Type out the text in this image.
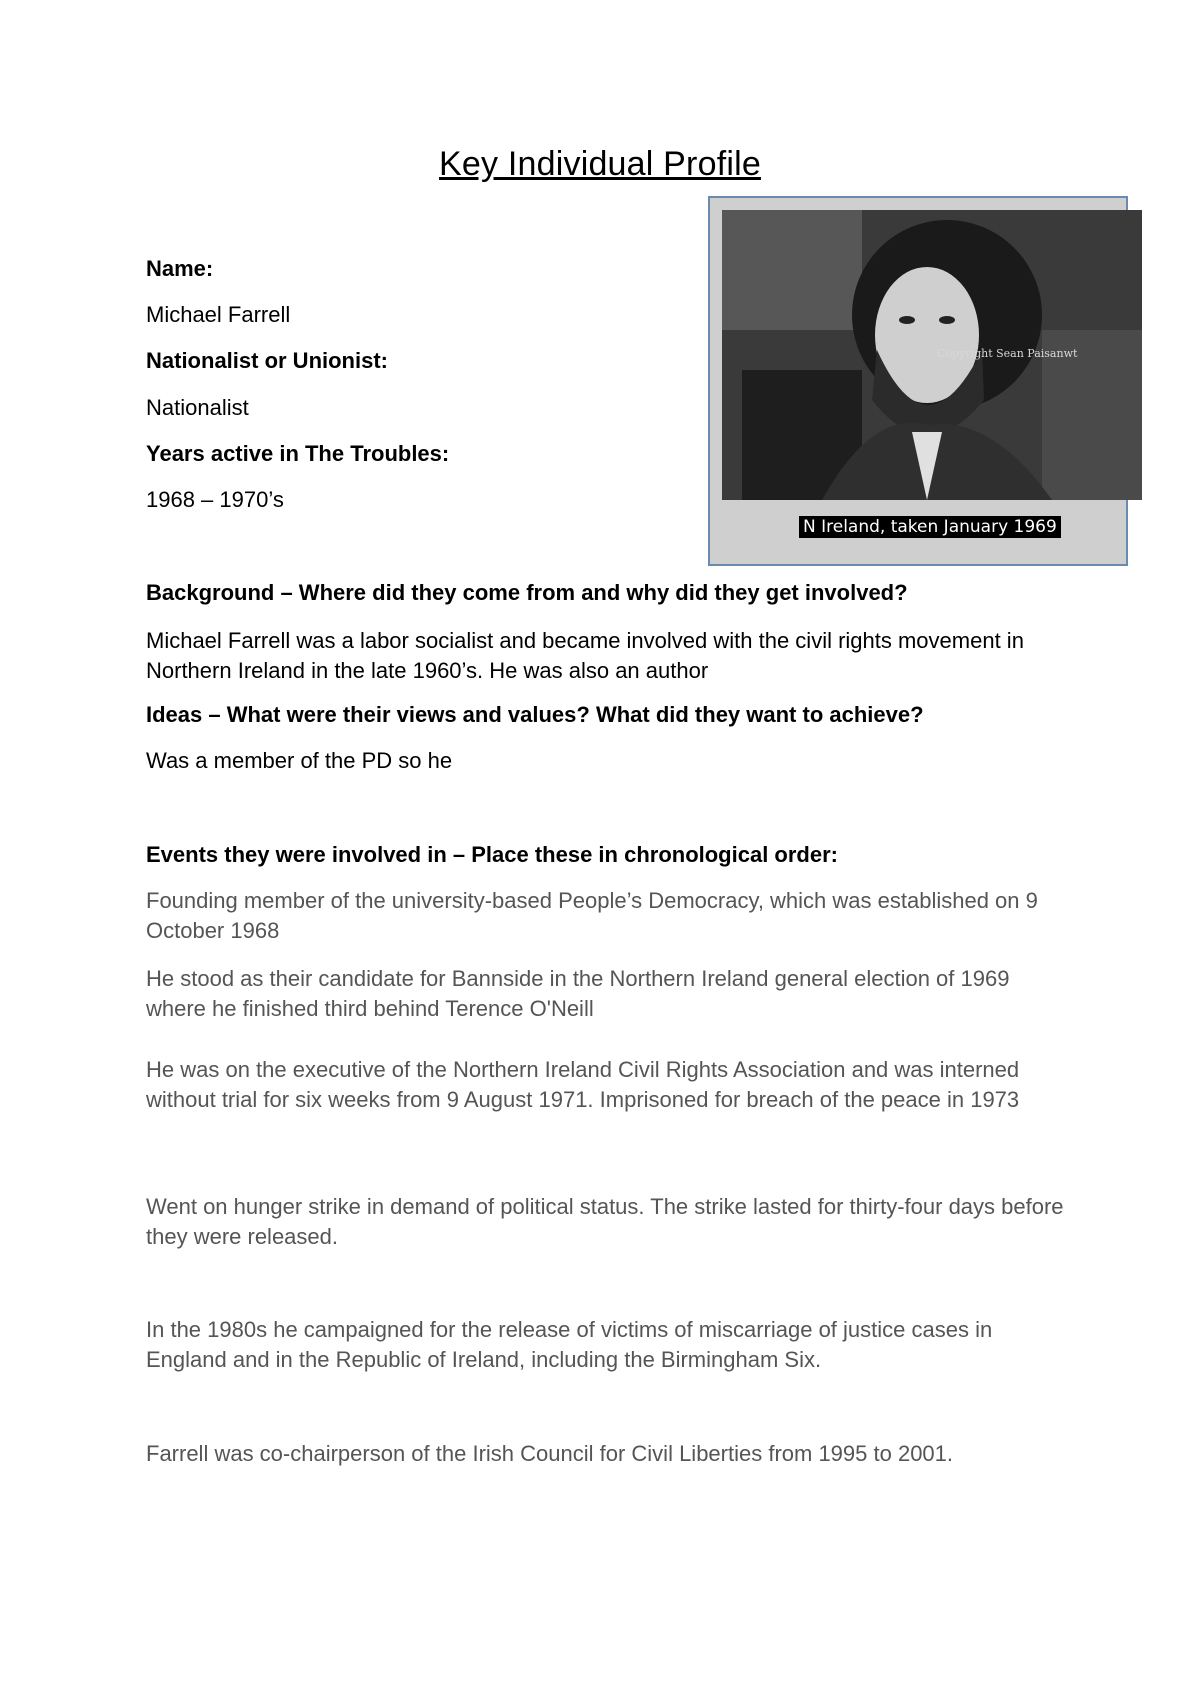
Key Individual Profile

Name:

Michael Farrell

Nationalist or Unionist:

Nationalist

Years active in The Troubles:

1968 – 1970’s

Copyright Sean Paisanwt
N Ireland, taken January 1969

Background – Where did they come from and why did they get involved?

Michael Farrell was a labor socialist and became involved with the civil rights movement in Northern Ireland in the late 1960’s. He was also an author

Ideas – What were their views and values? What did they want to achieve?

Was a member of the PD so he

Events they were involved in – Place these in chronological order:

Founding member of the university-based People’s Democracy, which was established on 9 October 1968

He stood as their candidate for Bannside in the Northern Ireland general election of 1969 where he finished third behind Terence O'Neill

He was on the executive of the Northern Ireland Civil Rights Association and was interned without trial for six weeks from 9 August 1971. Imprisoned for breach of the peace in 1973

Went on hunger strike in demand of political status. The strike lasted for thirty-four days before they were released.

In the 1980s he campaigned for the release of victims of miscarriage of justice cases in England and in the Republic of Ireland, including the Birmingham Six.

Farrell was co-chairperson of the Irish Council for Civil Liberties from 1995 to 2001.
